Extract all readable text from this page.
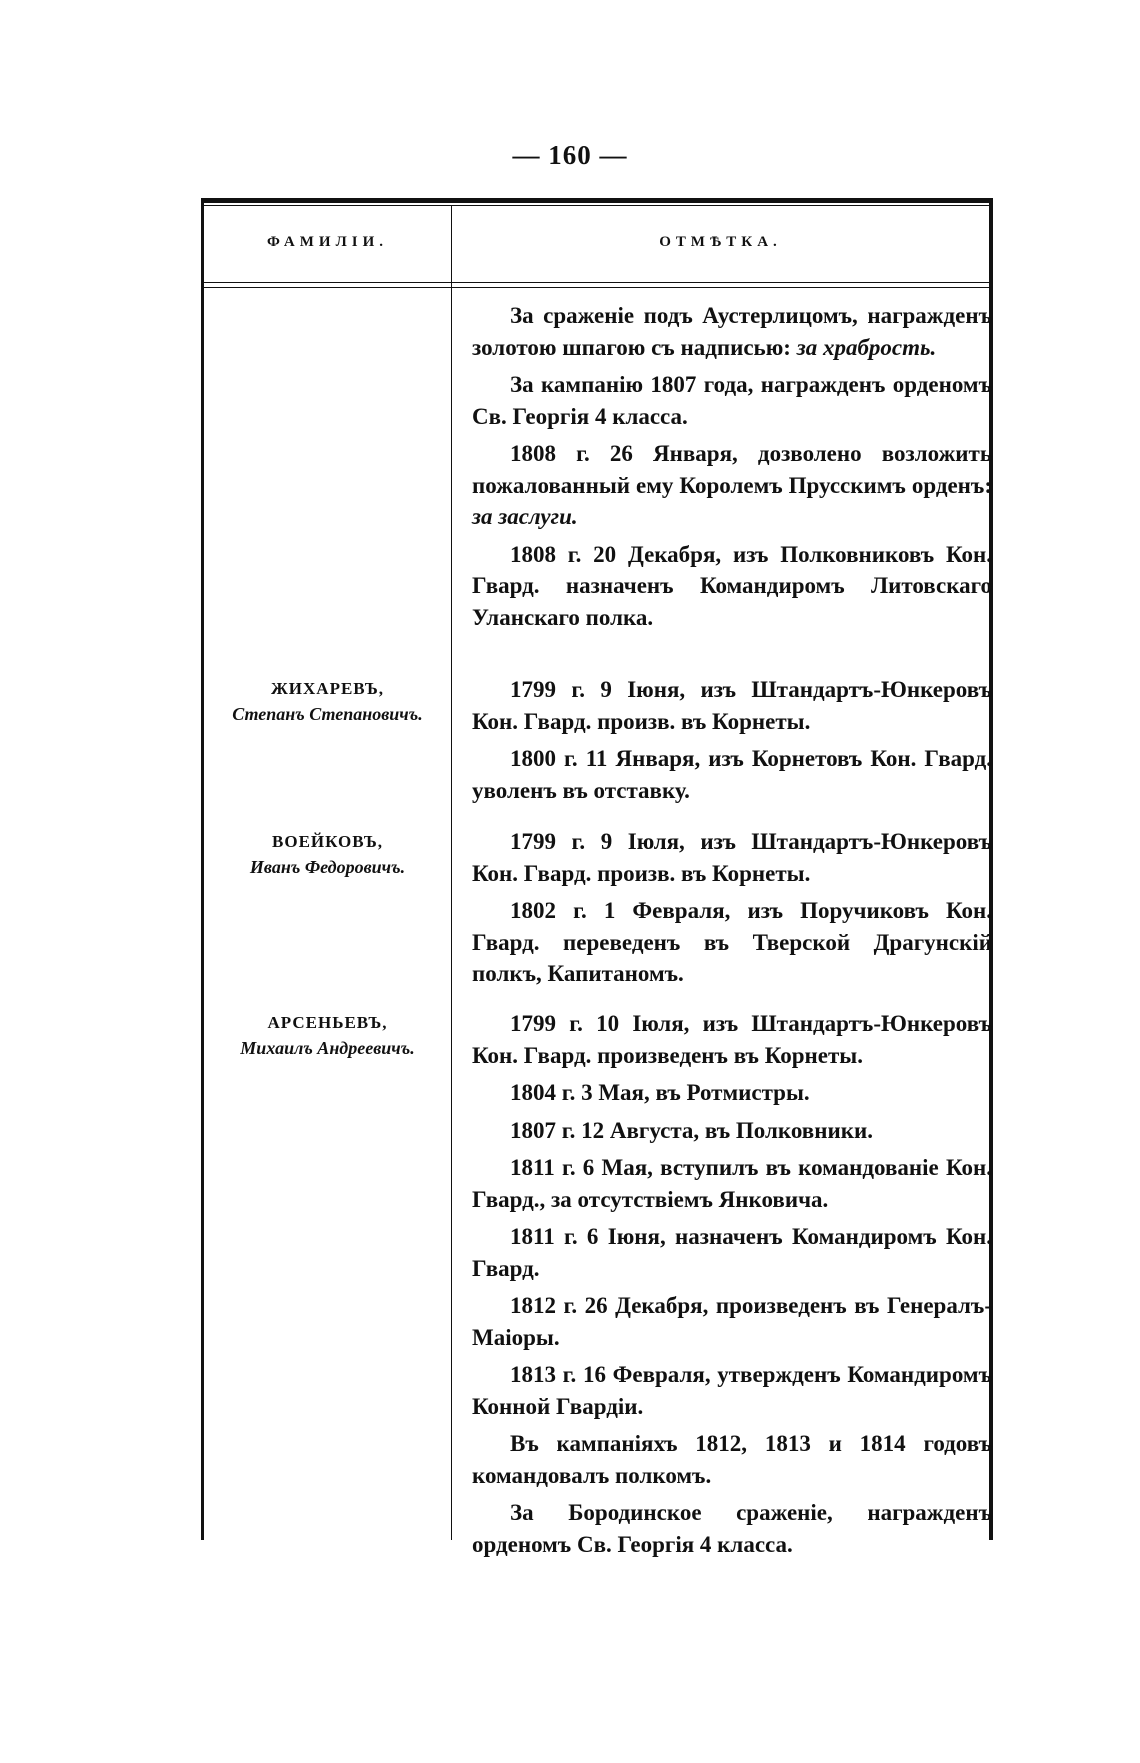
— 160 —
ФАМИЛІИ.	ОТМѢТКА.

За сраженіе подъ Аустерлицомъ, награжденъ золотою шпагою съ надписью: за храбрость.

За кампанію 1807 года, награжденъ орденомъ Св. Георгія 4 класса.

1808 г. 26 Января, дозволено возложить пожалованный ему Королемъ Прусскимъ орденъ: за заслуги.

1808 г. 20 Декабря, изъ Полковниковъ Кон. Гвард. назначенъ Командиромъ Литовскаго Уланскаго полка.

ЖИХАРЕВЪ,
Степанъ Степановичъ.

1799 г. 9 Іюня, изъ Штандартъ-Юнкеровъ Кон. Гвард. произв. въ Корнеты.

1800 г. 11 Января, изъ Корнетовъ Кон. Гвард. уволенъ въ отставку.

ВОЕЙКОВЪ,
Иванъ Федоровичъ.

1799 г. 9 Іюля, изъ Штандартъ-Юнкеровъ Кон. Гвард. произв. въ Корнеты.

1802 г. 1 Февраля, изъ Поручиковъ Кон. Гвард. переведенъ въ Тверской Драгунскій полкъ, Капитаномъ.

АРСЕНЬЕВЪ,
Михаилъ Андреевичъ.

1799 г. 10 Іюля, изъ Штандартъ-Юнкеровъ Кон. Гвард. произведенъ въ Корнеты.

1804 г. 3 Мая, въ Ротмистры.

1807 г. 12 Августа, въ Полковники.

1811 г. 6 Мая, вступилъ въ командованіе Кон. Гвард., за отсутствіемъ Янковича.

1811 г. 6 Іюня, назначенъ Командиромъ Кон. Гвард.

1812 г. 26 Декабря, произведенъ въ Генералъ-Маіоры.

1813 г. 16 Февраля, утвержденъ Командиромъ Конной Гвардіи.

Въ кампаніяхъ 1812, 1813 и 1814 годовъ командовалъ полкомъ.

За Бородинское сраженіе, награжденъ орденомъ Св. Георгія 4 класса.
